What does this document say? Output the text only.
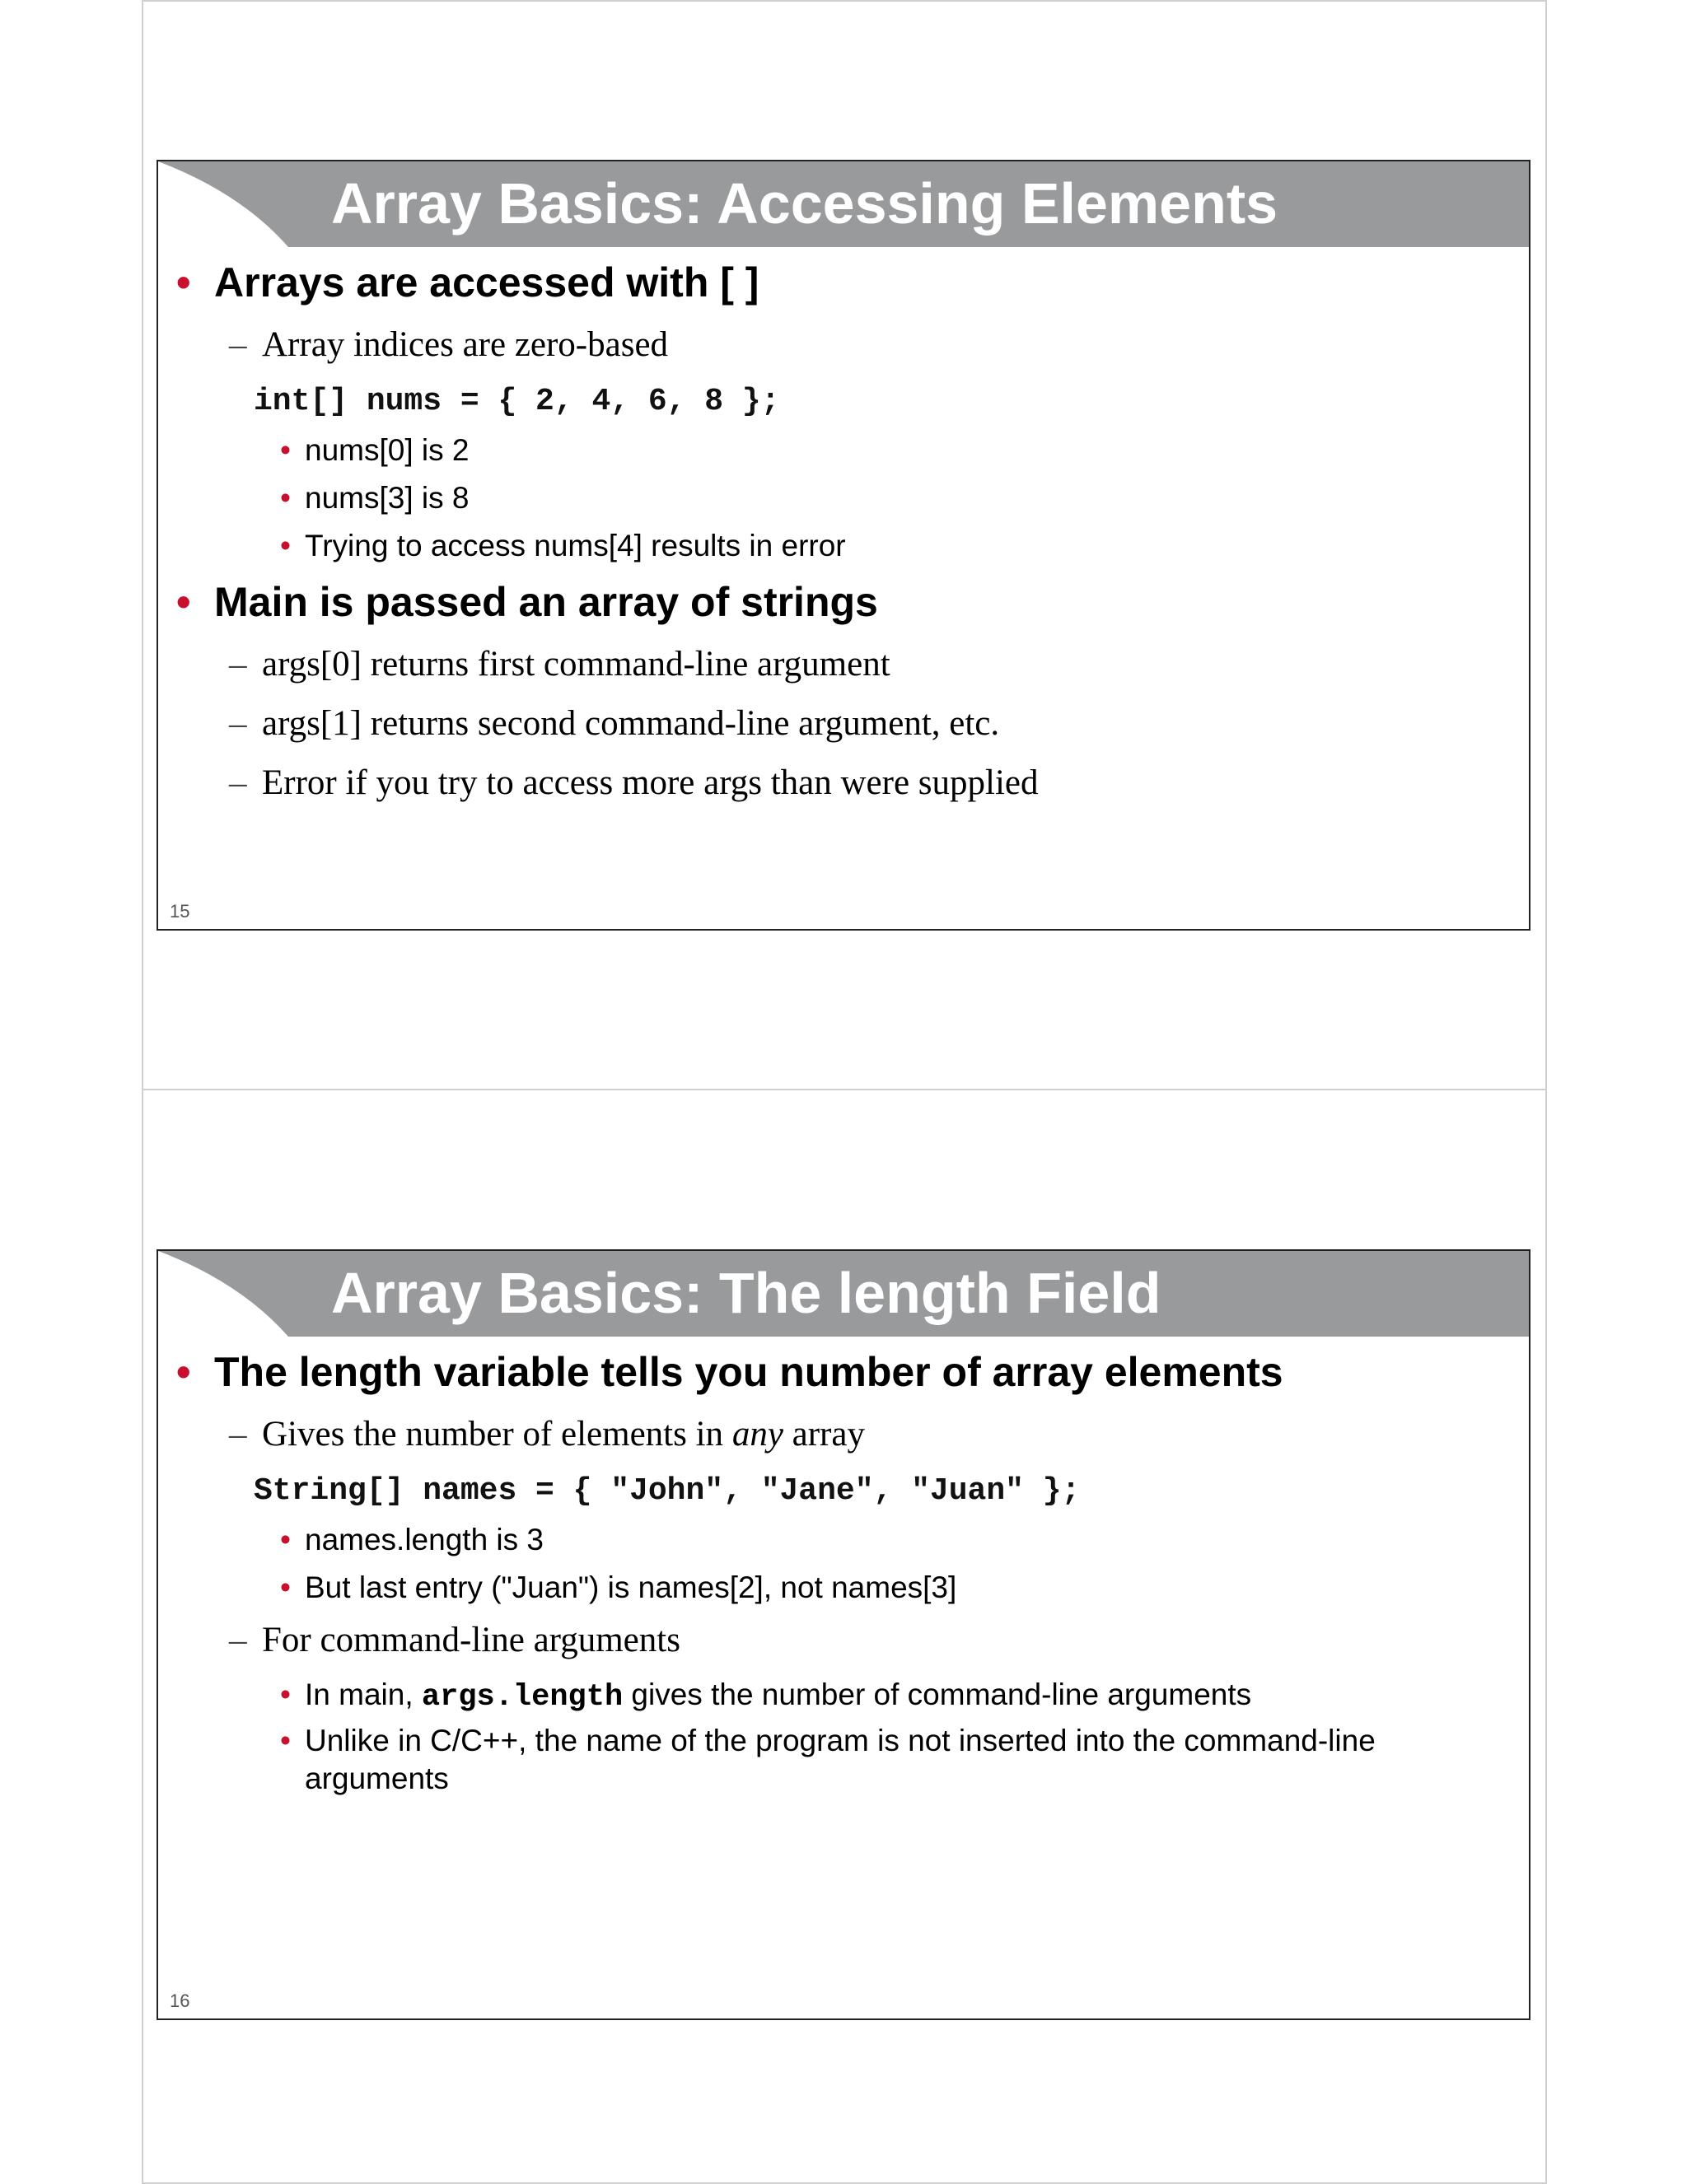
Array Basics: Accessing Elements
• Arrays are accessed with [ ]
– Array indices are zero-based
int[] nums = { 2, 4, 6, 8 };
• nums[0] is 2
• nums[3] is 8
• Trying to access nums[4] results in error
• Main is passed an array of strings
– args[0] returns first command-line argument
– args[1] returns second command-line argument, etc.
– Error if you try to access more args than were supplied
15
Array Basics: The length Field
• The length variable tells you number of array elements
– Gives the number of elements in any array
String[] names = { "John", "Jane", "Juan" };
• names.length is 3
• But last entry ("Juan") is names[2], not names[3]
– For command-line arguments
• In main, args.length gives the number of command-line arguments
• Unlike in C/C++, the name of the program is not inserted into the command-line arguments
16
